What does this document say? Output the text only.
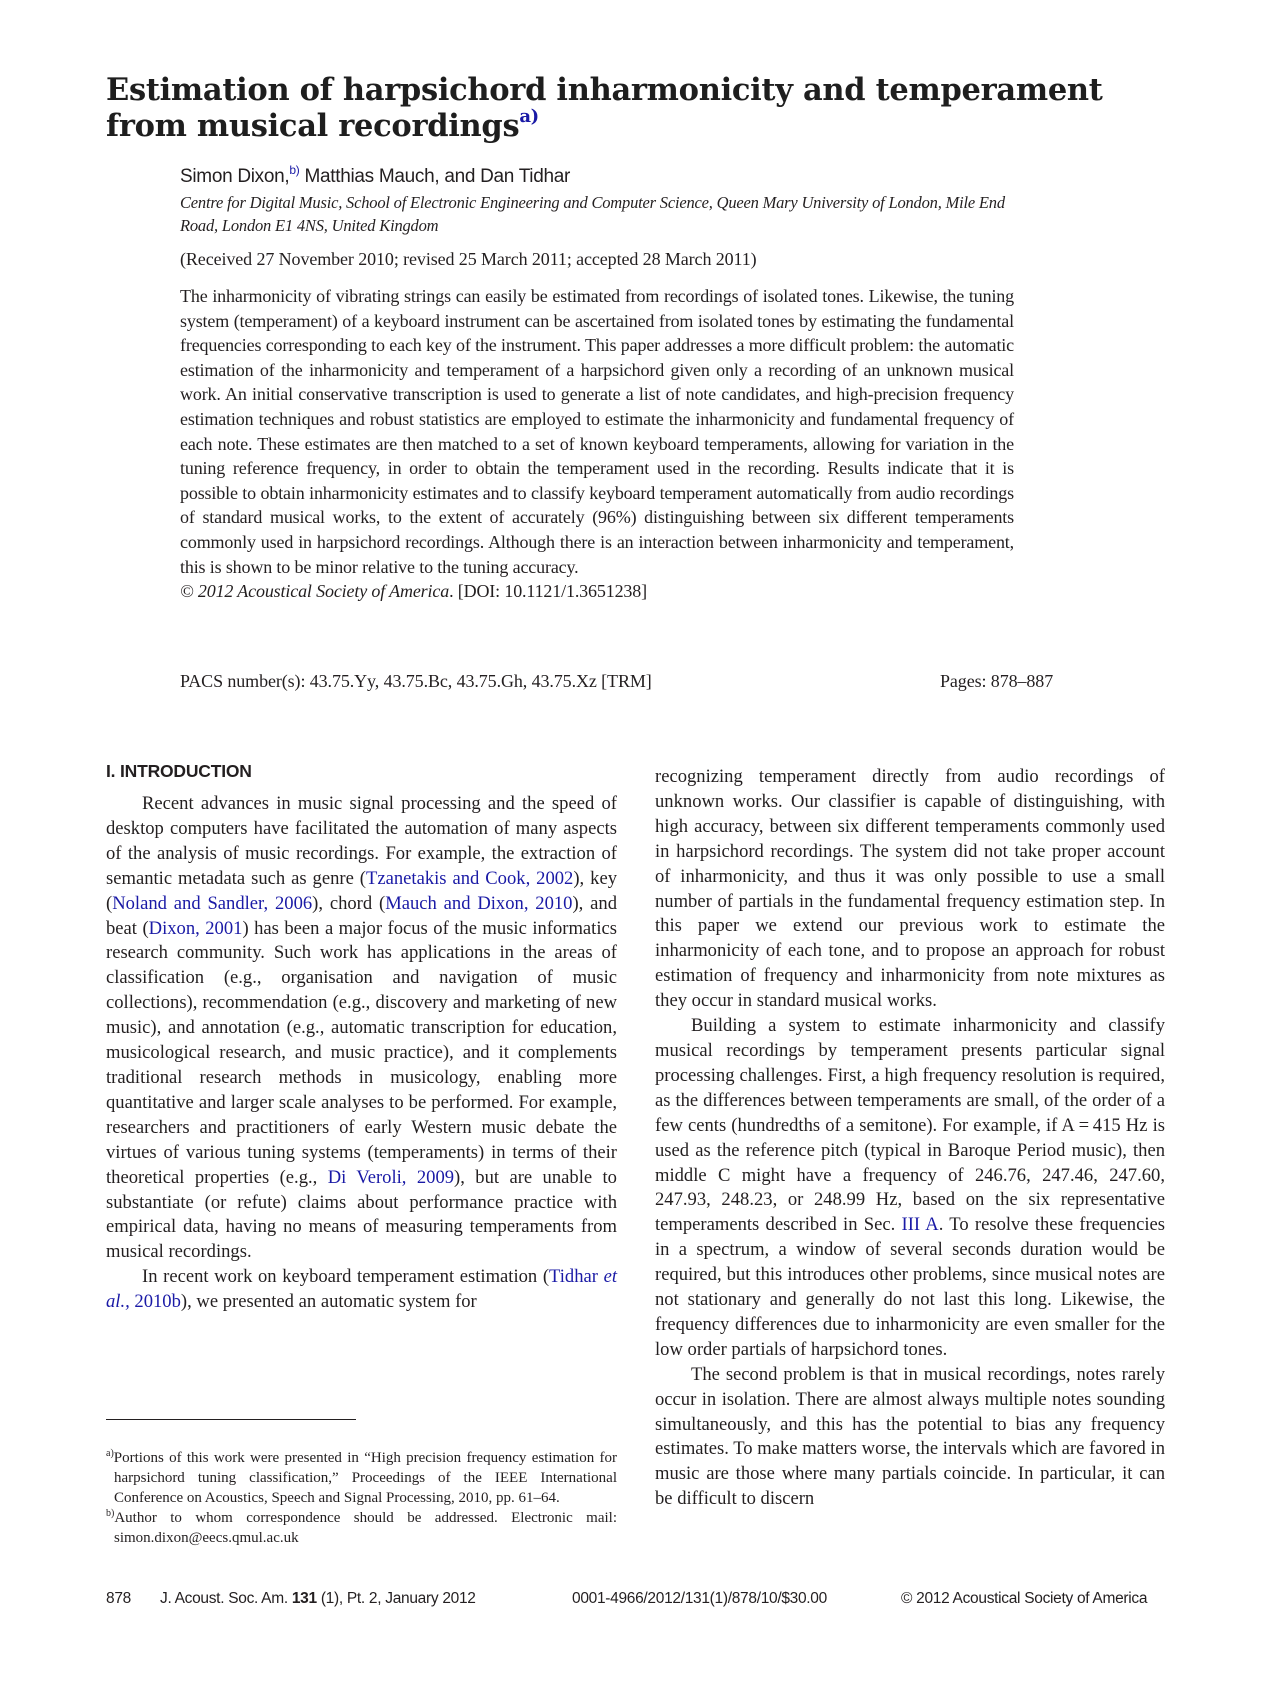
Estimation of harpsichord inharmonicity and temperament from musical recordings$^{a)}$
Simon Dixon,$^{b)}$ Matthias Mauch, and Dan Tidhar
Centre for Digital Music, School of Electronic Engineering and Computer Science, Queen Mary University of London, Mile End Road, London E1 4NS, United Kingdom
(Received 27 November 2010; revised 25 March 2011; accepted 28 March 2011)
The inharmonicity of vibrating strings can easily be estimated from recordings of isolated tones. Likewise, the tuning system (temperament) of a keyboard instrument can be ascertained from isolated tones by estimating the fundamental frequencies corresponding to each key of the instrument. This paper addresses a more difficult problem: the automatic estimation of the inharmonicity and temperament of a harpsichord given only a recording of an unknown musical work. An initial conservative transcription is used to generate a list of note candidates, and high-precision frequency estimation techniques and robust statistics are employed to estimate the inharmonicity and fundamental frequency of each note. These estimates are then matched to a set of known keyboard temperaments, allowing for variation in the tuning reference frequency, in order to obtain the temperament used in the recording. Results indicate that it is possible to obtain inharmonicity estimates and to classify keyboard temperament automatically from audio recordings of standard musical works, to the extent of accurately (96%) distinguishing between six different temperaments commonly used in harpsichord recordings. Although there is an interaction between inharmonicity and temperament, this is shown to be minor relative to the tuning accuracy.
© 2012 Acoustical Society of America. [DOI: 10.1121/1.3651238]
PACS number(s): 43.75.Yy, 43.75.Bc, 43.75.Gh, 43.75.Xz [TRM]	Pages: 878–887
I. INTRODUCTION

Recent advances in music signal processing and the speed of desktop computers have facilitated the automation of many aspects of the analysis of music recordings. For example, the extraction of semantic metadata such as genre (Tzanetakis and Cook, 2002), key (Noland and Sandler, 2006), chord (Mauch and Dixon, 2010), and beat (Dixon, 2001) has been a major focus of the music informatics research community. Such work has applications in the areas of classification (e.g., organisation and navigation of music collections), recommendation (e.g., discovery and marketing of new music), and annotation (e.g., automatic transcription for education, musicological research, and music practice), and it complements traditional research methods in musicology, enabling more quantitative and larger scale analyses to be performed. For example, researchers and practitioners of early Western music debate the virtues of various tuning systems (temperaments) in terms of their theoretical properties (e.g., Di Veroli, 2009), but are unable to substantiate (or refute) claims about performance practice with empirical data, having no means of measuring temperaments from musical recordings.

In recent work on keyboard temperament estimation (Tidhar et al., 2010b), we presented an automatic system for

$^{a)}$Portions of this work were presented in “High precision frequency estimation for harpsichord tuning classification,” Proceedings of the IEEE International Conference on Acoustics, Speech and Signal Processing, 2010, pp. 61–64.

$^{b)}$Author to whom correspondence should be addressed. Electronic mail: simon.dixon@eecs.qmul.ac.uk

recognizing temperament directly from audio recordings of unknown works. Our classifier is capable of distinguishing, with high accuracy, between six different temperaments commonly used in harpsichord recordings. The system did not take proper account of inharmonicity, and thus it was only possible to use a small number of partials in the fundamental frequency estimation step. In this paper we extend our previous work to estimate the inharmonicity of each tone, and to propose an approach for robust estimation of frequency and inharmonicity from note mixtures as they occur in standard musical works.

Building a system to estimate inharmonicity and classify musical recordings by temperament presents particular signal processing challenges. First, a high frequency resolution is required, as the differences between temperaments are small, of the order of a few cents (hundredths of a semitone). For example, if A = 415 Hz is used as the reference pitch (typical in Baroque Period music), then middle C might have a frequency of 246.76, 247.46, 247.60, 247.93, 248.23, or 248.99 Hz, based on the six representative temperaments described in Sec. III A. To resolve these frequencies in a spectrum, a window of several seconds duration would be required, but this introduces other problems, since musical notes are not stationary and generally do not last this long. Likewise, the frequency differences due to inharmonicity are even smaller for the low order partials of harpsichord tones.

The second problem is that in musical recordings, notes rarely occur in isolation. There are almost always multiple notes sounding simultaneously, and this has the potential to bias any frequency estimates. To make matters worse, the intervals which are favored in music are those where many partials coincide. In particular, it can be difficult to discern

878 J. Acoust. Soc. Am. 131 (1), Pt. 2, January 2012	0001-4966/2012/131(1)/878/10/$30.00	© 2012 Acoustical Society of America
